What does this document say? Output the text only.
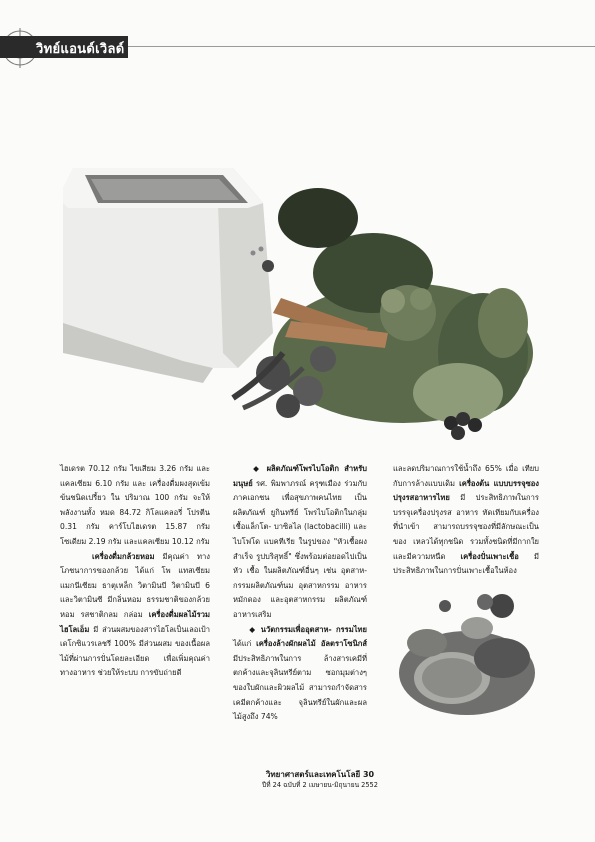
วิทย์แอนด์เวิลด์

ไฮเดรต 70.12 กรัม ไขเสียม 3.26 กรัม และแคลเซียม 6.10 กรัม และ เครื่องดื่มผงสุดเข้มข้นชนิดเปรี้ยว ใน ปริมาณ 100 กรัม จะให้พลังงานทั้ง หมด 84.72 กิโลแคลอรี่ โปรตีน 0.31 กรัม คาร์โบไฮเดรต 15.87 กรัม โซเดียม 2.19 กรัม และแคลเซียม 10.12 กรัม

เครื่องดื่มกล้วยหอม มีคุณค่า ทางโภชนาการของกล้วย ได้แก่ โพ แทสเซียม แมกนีเซียม ธาตุเหล็ก วิตามินบี วิตามินบี 6 และวิตามินซี มีกลิ่นหอม ธรรมชาติของกล้วยหอม รสชาติกลม กล่อม เครื่องดื่มผลไม้รวมไฮโลเอ็ม มี ส่วนผสมของสารไฮโลเป็นเลอเป้า เดโกซิแวรเลชรี 100% มีส่วนผสม ของเนื้อผลไม้ที่ผ่านการปั่นโดยละเอียด เพื่อเพิ่มคุณค่าทางอาหาร ช่วยให้ระบบ การขับถ่ายดี

◆ ผลิตภัณฑ์โพรไบโอติก สำหรับมนุษย์ รศ. พิมพาภรณ์ ครุฑเมือง ร่วมกับภาคเอกชน เพื่อสุขภาพคนไทย เป็นผลิตภัณฑ์ ยูกินทรีย์ โพรไบโอติกในกลุ่มเชื้อแล็กโต- บาซิลไล (lactobacilli) และไบโฟโด แบคทีเรีย ในรูปของ "หัวเชื้อผงสำเร็จ รูปบริสุทธิ์" ซึ่งพร้อมต่อยอดไปเป็นหัว เชื้อ ในผลิตภัณฑ์อื่นๆ เช่น อุตสาห- กรรมผลิตภัณฑ์นม อุตสาหกรรม อาหารหมักดอง และอุตสาหกรรม ผลิตภัณฑ์อาหารเสริม

◆ นวัตกรรมเพื่ออุตสาห- กรรมไทย ได้แก่ เครื่องล้างผักผลไม้ อัลตราโซนิกส์ มีประสิทธิภาพในการ ล้างสารเคมีที่ตกค้างและจุลินทรีย์ตาม ซอกมุมต่างๆ ของใบผักและผิวผลไม้ สามารถกำจัดสารเคมีตกค้างและ จุลินทรีย์ในผักและผลไม้สูงถึง 74%

และลดปริมาณการใช้น้ำถึง 65% เมื่อ เทียบกับการล้างแบบเดิม เครื่องต้น แบบบรรจุซองปรุงรสอาหารไทย มี ประสิทธิภาพในการบรรจุเครื่องปรุงรส อาหาร ทัดเทียมกับเครื่องที่นำเข้า สามารถบรรจุซองที่มีลักษณะเป็นของ เหลวได้ทุกชนิด รวมทั้งชนิดที่มีกากใย และมีความหนืด เครื่องปั่นเพาะเชื้อ มี ประสิทธิภาพในการปั่นเพาะเชื้อในห้อง

วิทยาศาสตร์และเทคโนโลยี 30
ปีที่ 24 ฉบับที่ 2 เมษายน-มิถุนายน 2552
